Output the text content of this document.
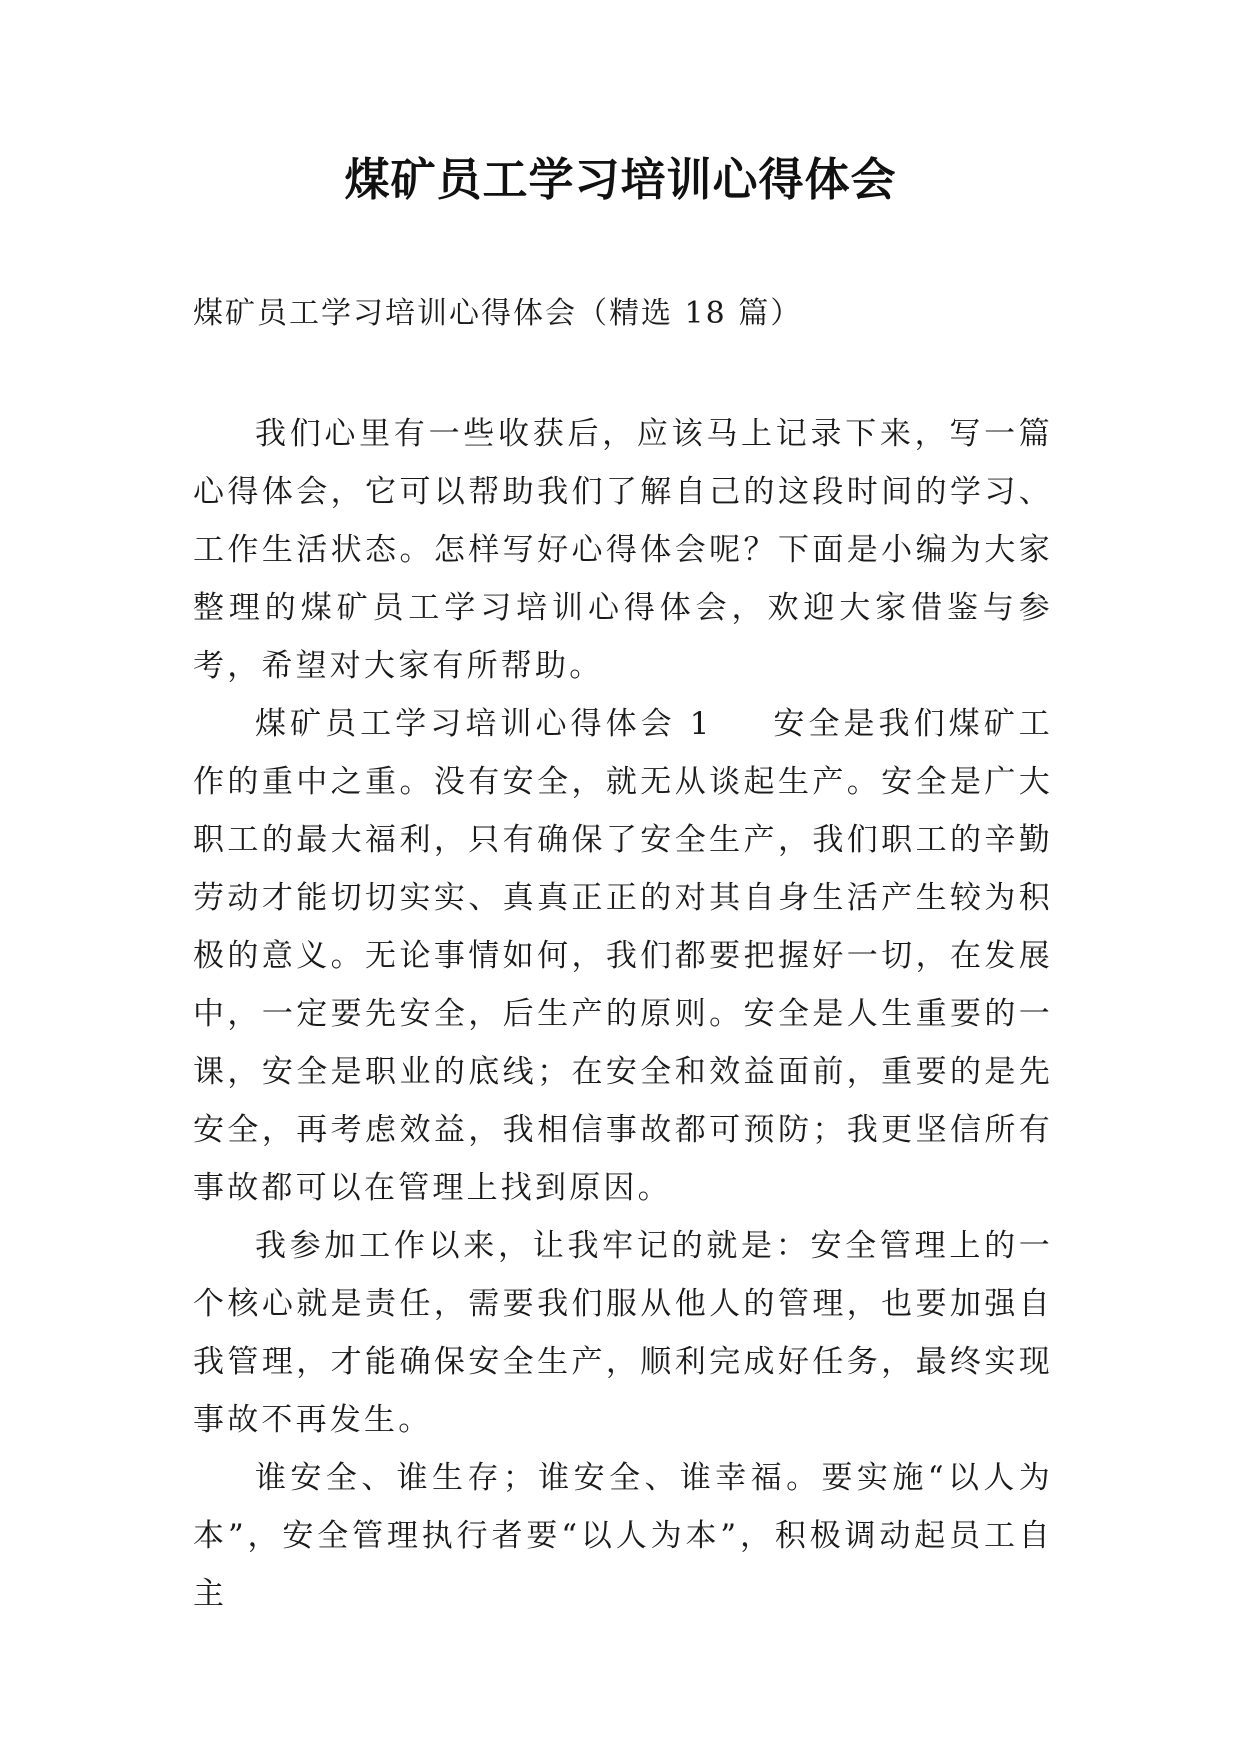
煤矿员工学习培训心得体会
煤矿员工学习培训心得体会（精选 18 篇）

我们心里有一些收获后，应该马上记录下来，写一篇心得体会，它可以帮助我们了解自己的这段时间的学习、工作生活状态。怎样写好心得体会呢？下面是小编为大家整理的煤矿员工学习培训心得体会，欢迎大家借鉴与参考，希望对大家有所帮助。

煤矿员工学习培训心得体会 1 安全是我们煤矿工作的重中之重。没有安全，就无从谈起生产。安全是广大职工的最大福利，只有确保了安全生产，我们职工的辛勤劳动才能切切实实、真真正正的对其自身生活产生较为积极的意义。无论事情如何，我们都要把握好一切，在发展中，一定要先安全，后生产的原则。安全是人生重要的一课，安全是职业的底线；在安全和效益面前，重要的是先安全，再考虑效益，我相信事故都可预防；我更坚信所有事故都可以在管理上找到原因。

我参加工作以来，让我牢记的就是：安全管理上的一个核心就是责任，需要我们服从他人的管理，也要加强自我管理，才能确保安全生产，顺利完成好任务，最终实现事故不再发生。

谁安全、谁生存；谁安全、谁幸福。要实施“以人为本”，安全管理执行者要“以人为本”，积极调动起员工自主
